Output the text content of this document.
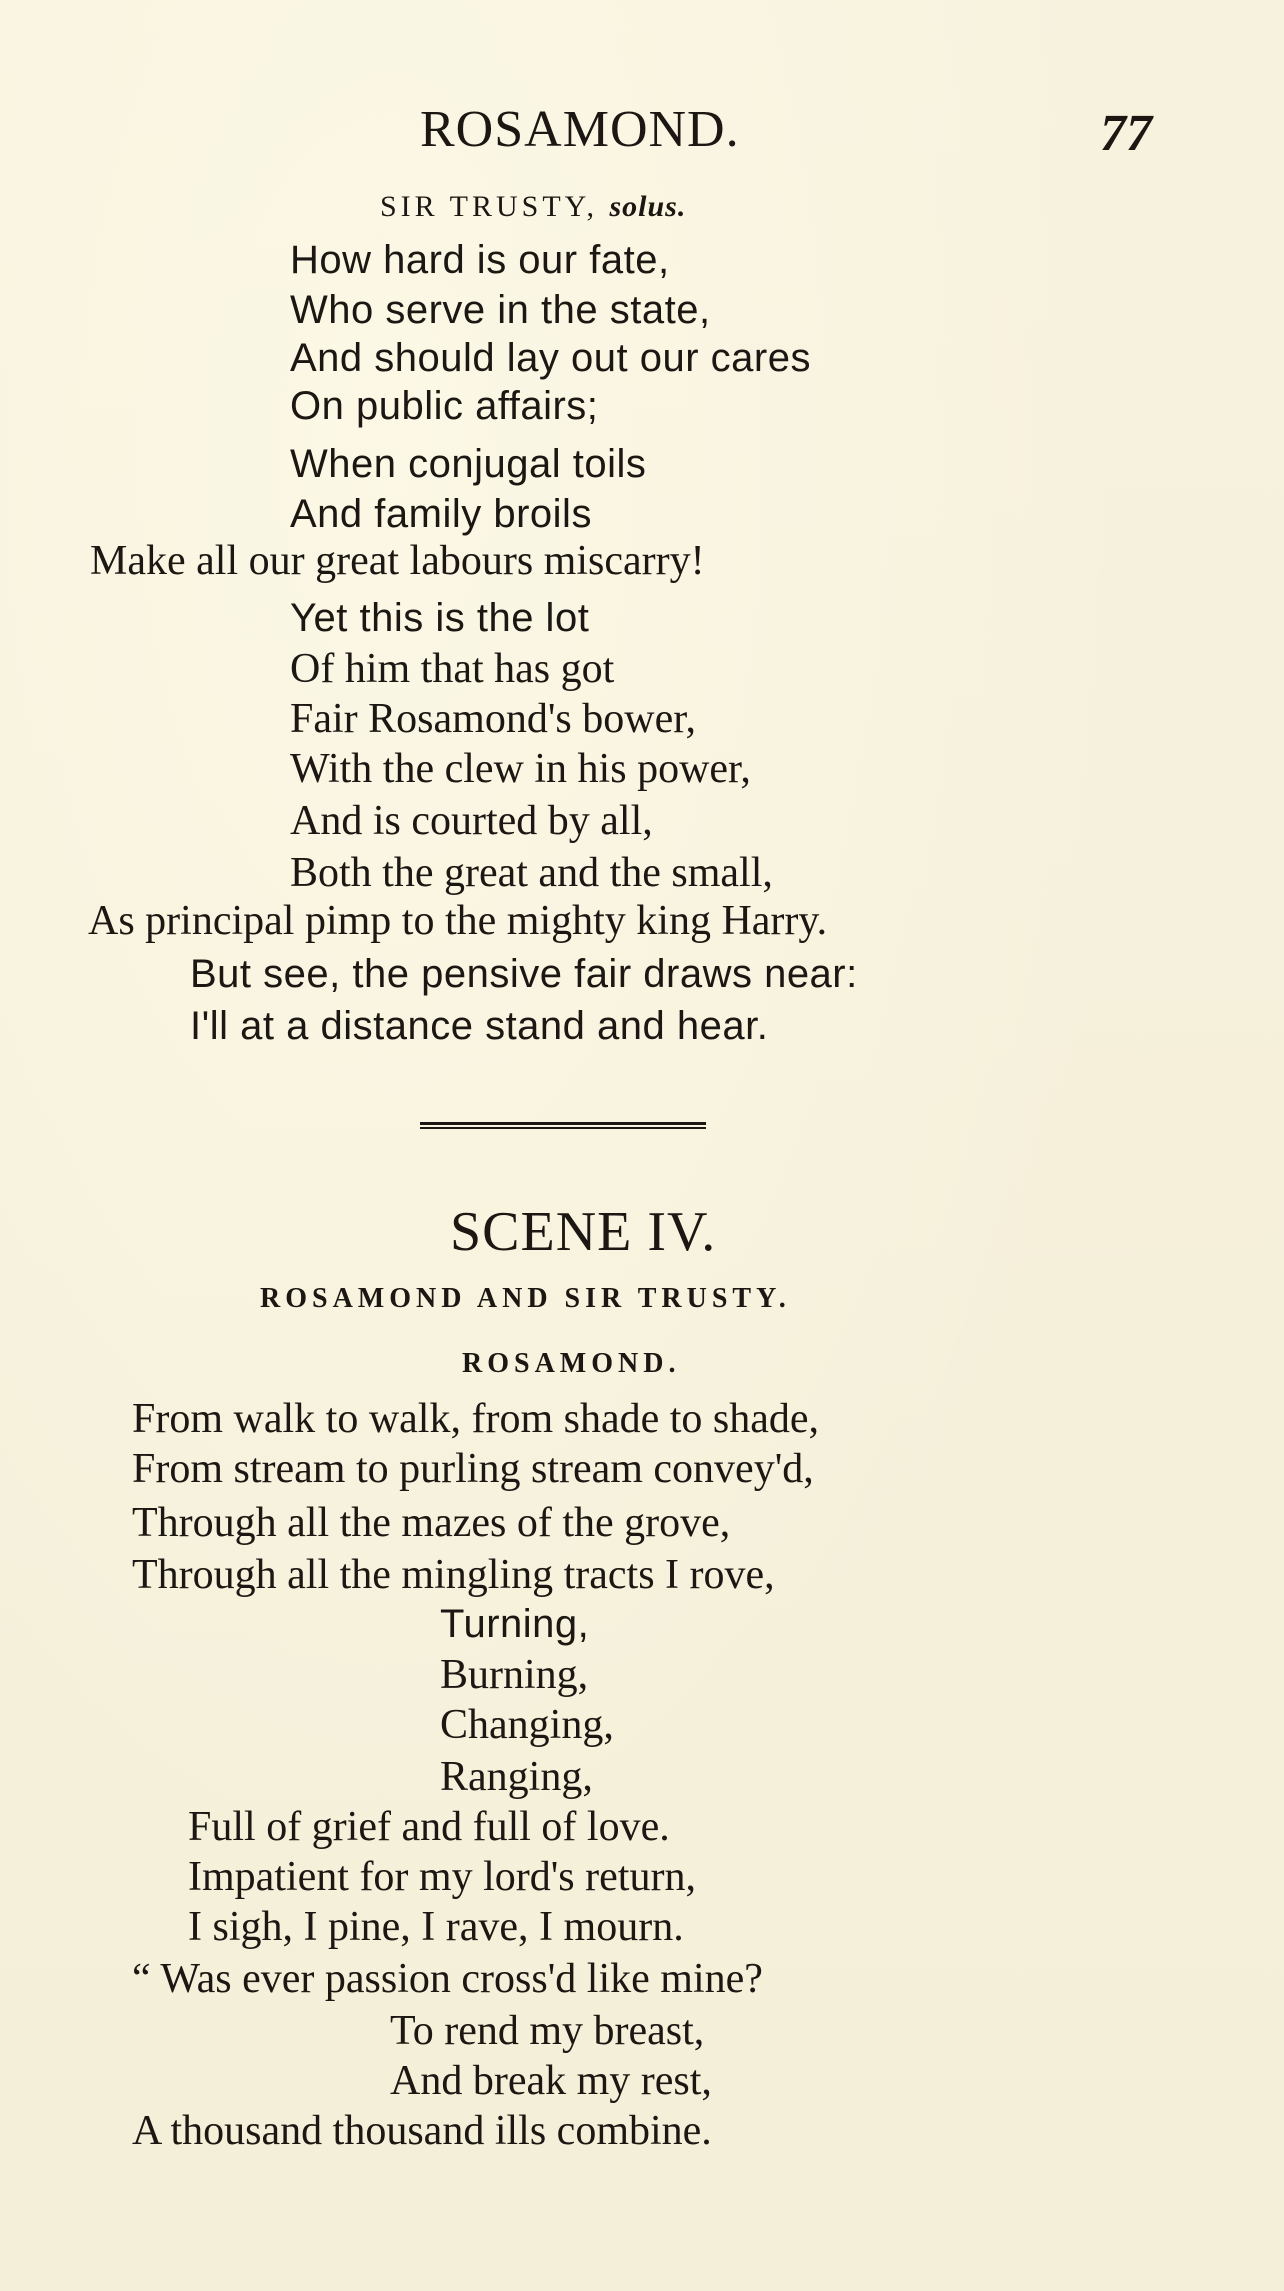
ROSAMOND.	77
SIR TRUSTY, solus.
How hard is our fate,
Who serve in the state,
And should lay out our cares
On public affairs;
When conjugal toils
And family broils
Make all our great labours miscarry!
Yet this is the lot
Of him that has got
Fair Rosamond's bower,
With the clew in his power,
And is courted by all,
Both the great and the small,
As principal pimp to the mighty king Harry.
But see, the pensive fair draws near:
I'll at a distance stand and hear.
SCENE IV.
ROSAMOND AND SIR TRUSTY.
ROSAMOND.
From walk to walk, from shade to shade,
From stream to purling stream convey'd,
Through all the mazes of the grove,
Through all the mingling tracts I rove,
Turning,
Burning,
Changing,
Ranging,
Full of grief and full of love.
Impatient for my lord's return,
I sigh, I pine, I rave, I mourn.
“ Was ever passion cross'd like mine?
To rend my breast,
And break my rest,
A thousand thousand ills combine.
